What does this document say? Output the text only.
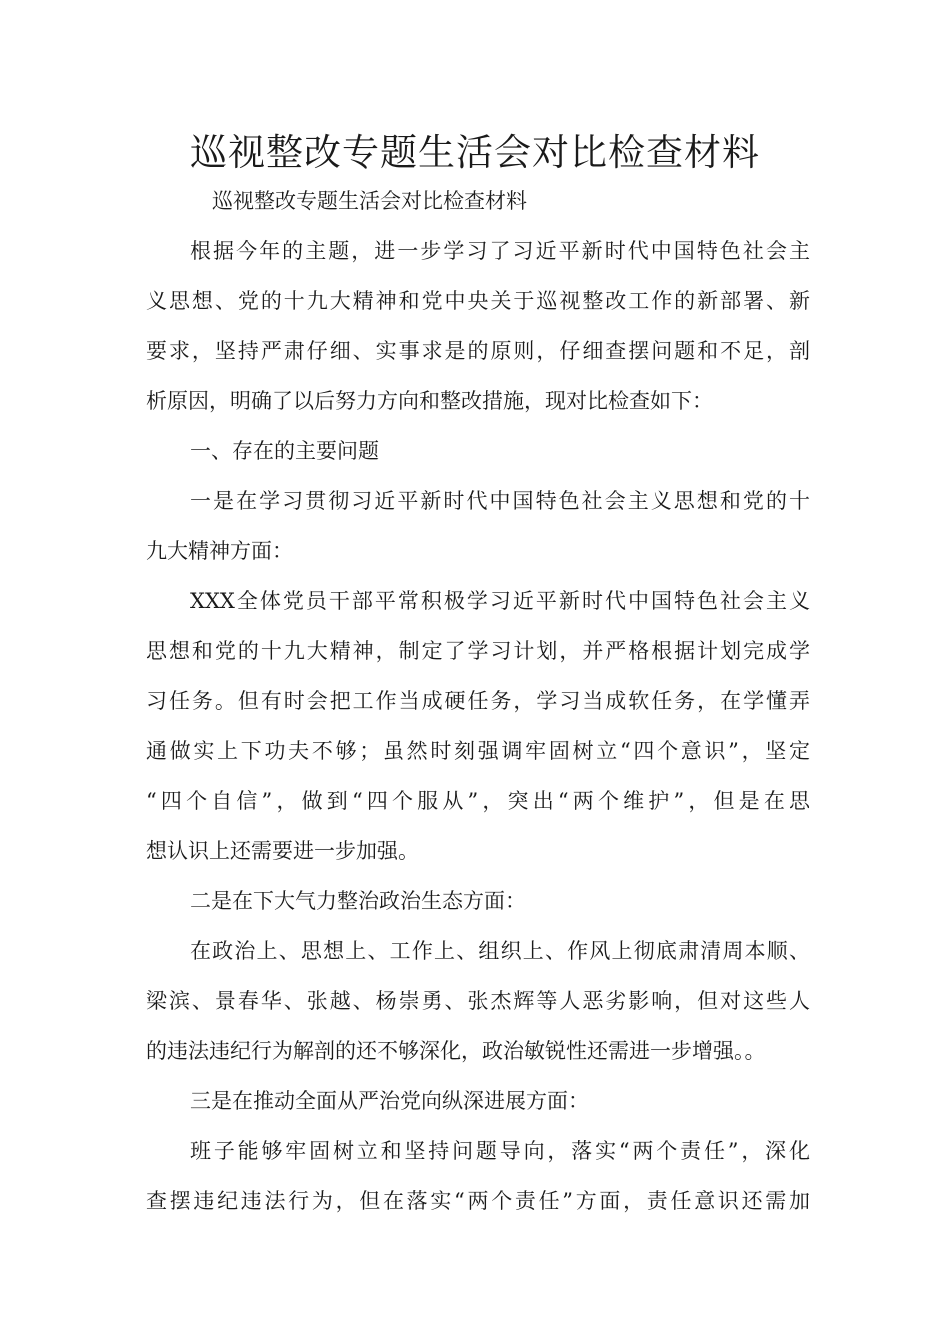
巡视整改专题生活会对比检查材料
巡视整改专题生活会对比检查材料
根据今年的主题，进一步学习了习近平新时代中国特色社会主
义思想、党的十九大精神和党中央关于巡视整改工作的新部署、新
要求，坚持严肃仔细、实事求是的原则，仔细查摆问题和不足，剖
析原因，明确了以后努力方向和整改措施，现对比检查如下：
一、存在的主要问题
一是在学习贯彻习近平新时代中国特色社会主义思想和党的十
九大精神方面：
XXX全体党员干部平常积极学习近平新时代中国特色社会主义
思想和党的十九大精神，制定了学习计划，并严格根据计划完成学
习任务。但有时会把工作当成硬任务，学习当成软任务，在学懂弄
通做实上下功夫不够；虽然时刻强调牢固树立“四个意识”，坚定
“四个自信”，做到“四个服从”，突出“两个维护”，但是在思
想认识上还需要进一步加强。
二是在下大气力整治政治生态方面：
在政治上、思想上、工作上、组织上、作风上彻底肃清周本顺、
梁滨、景春华、张越、杨崇勇、张杰辉等人恶劣影响，但对这些人
的违法违纪行为解剖的还不够深化，政治敏锐性还需进一步增强。。
三是在推动全面从严治党向纵深进展方面：
班子能够牢固树立和坚持问题导向，落实“两个责任”，深化
查摆违纪违法行为，但在落实“两个责任”方面，责任意识还需加
